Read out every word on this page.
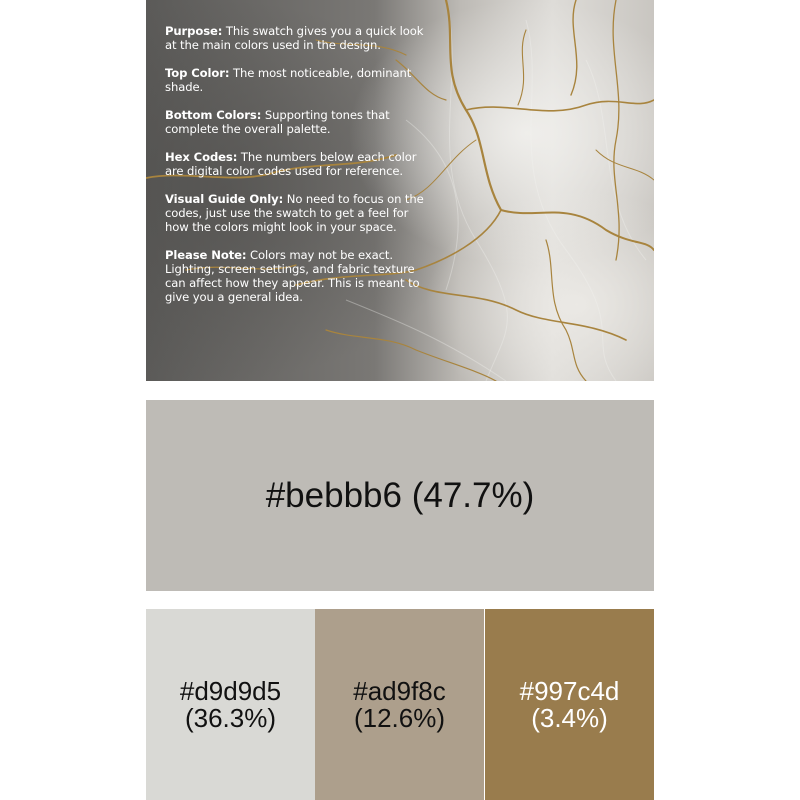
Purpose: This swatch gives you a quick look at the main colors used in the design.

Top Color: The most noticeable, dominant shade.

Bottom Colors: Supporting tones that complete the overall palette.

Hex Codes: The numbers below each color are digital color codes used for reference.

Visual Guide Only: No need to focus on the codes, just use the swatch to get a feel for how the colors might look in your space.

Please Note: Colors may not be exact. Lighting, screen settings, and fabric texture can affect how they appear. This is meant to give you a general idea.

#bebbb6 (47.7%)
#d9d9d5
(36.3%)
#ad9f8c
(12.6%)
#997c4d
(3.4%)
